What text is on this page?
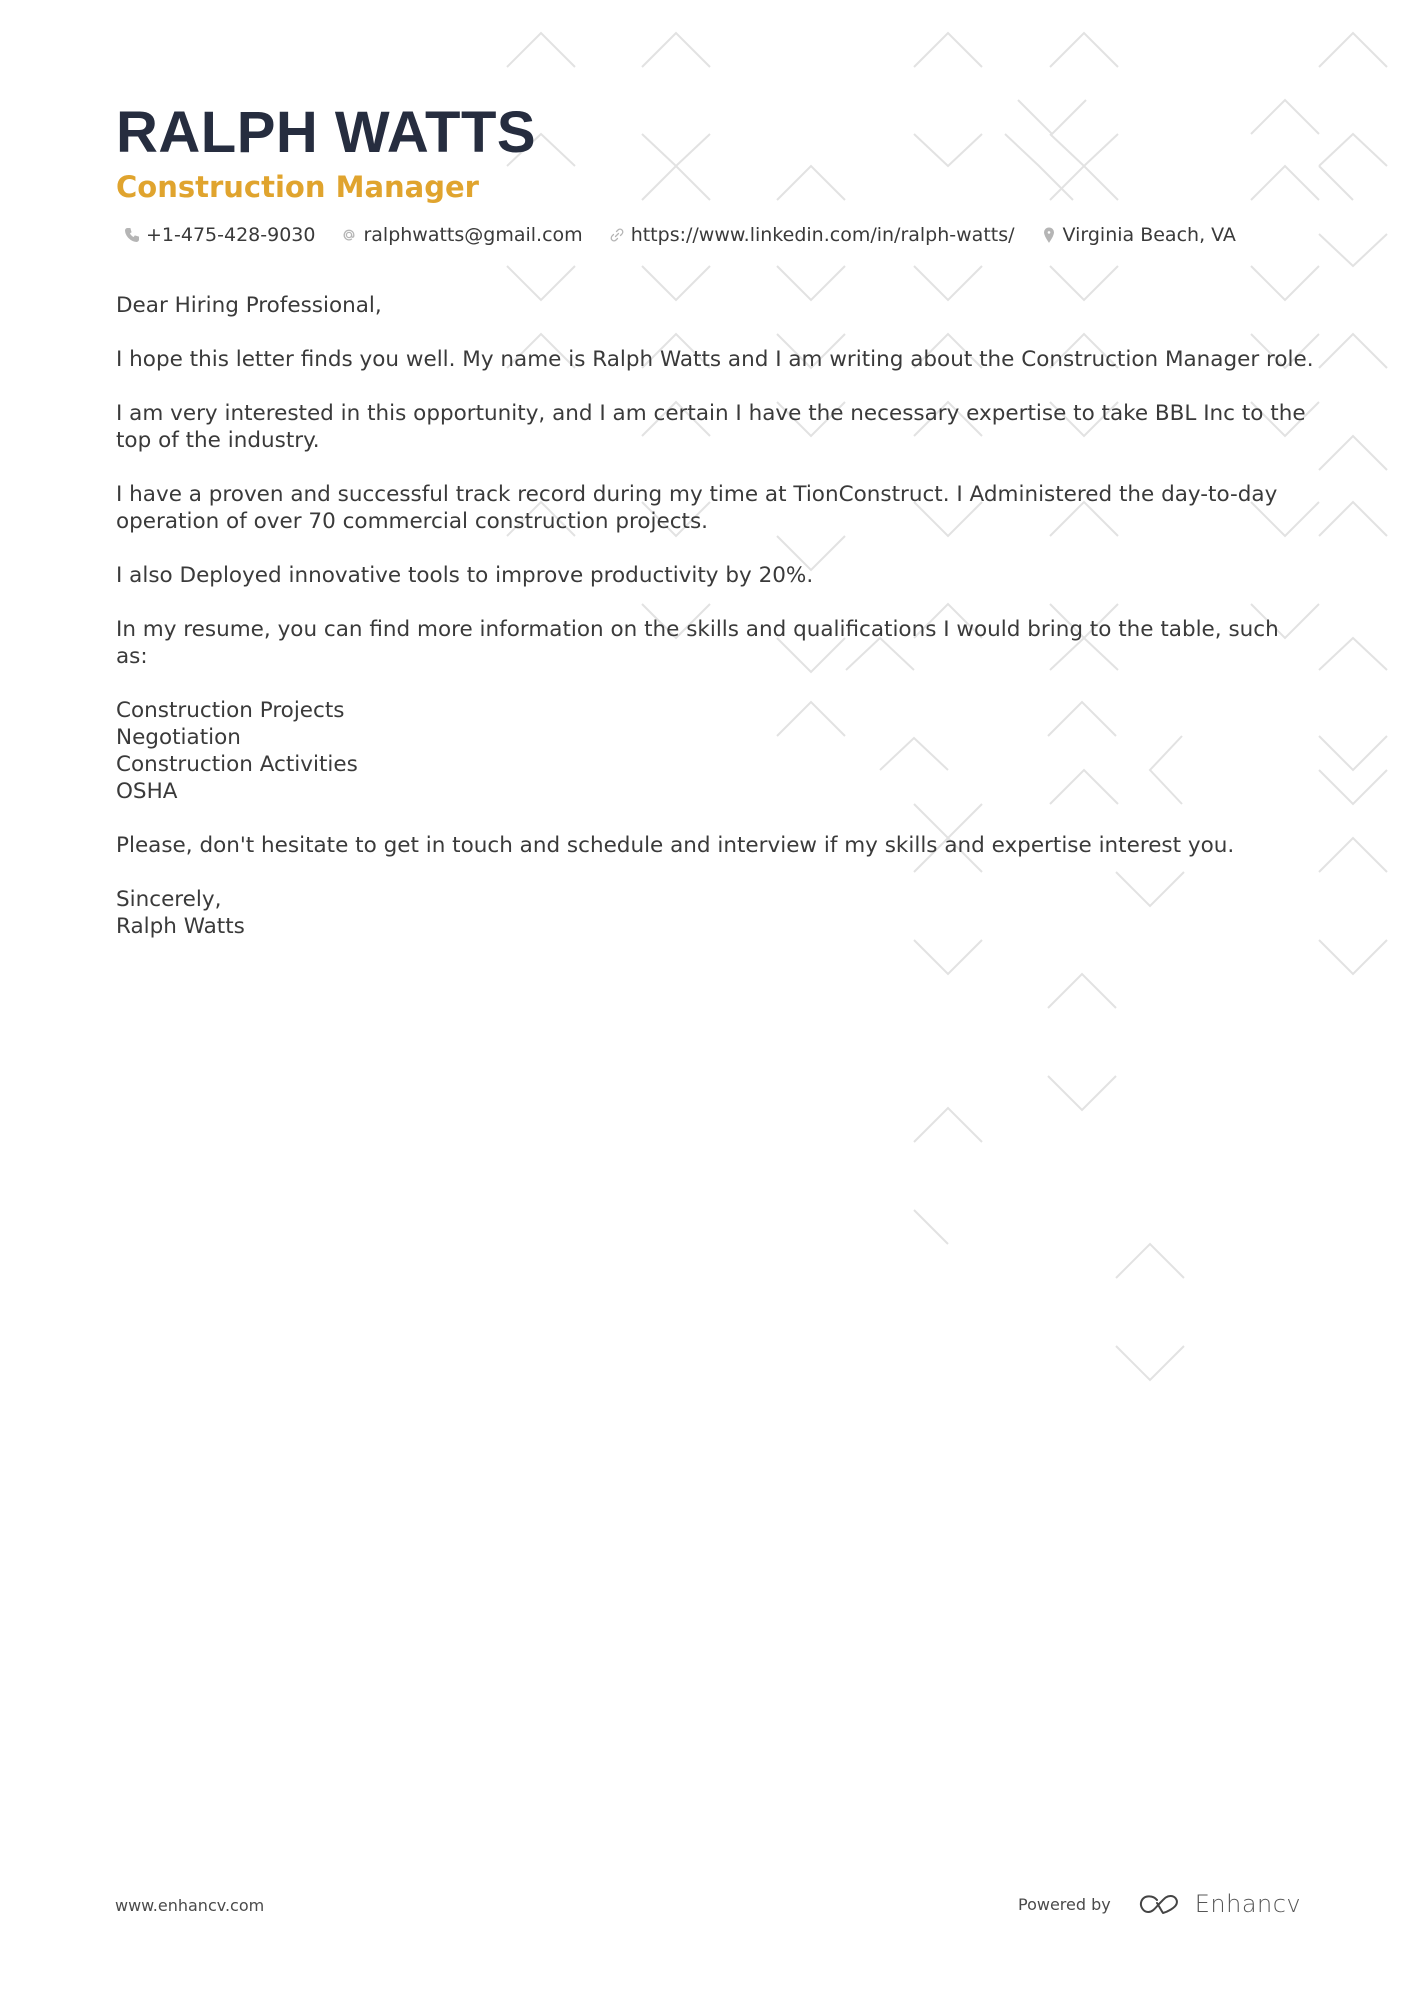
RALPH WATTS
Construction Manager
+1-475-428-9030	ralphwatts@gmail.com	https://www.linkedin.com/in/ralph-watts/	Virginia Beach, VA

Dear Hiring Professional,

I hope this letter finds you well. My name is Ralph Watts and I am writing about the Construction Manager role.

I am very interested in this opportunity, and I am certain I have the necessary expertise to take BBL Inc to the top of the industry.

I have a proven and successful track record during my time at TionConstruct. I Administered the day-to-day operation of over 70 commercial construction projects.

I also Deployed innovative tools to improve productivity by 20%.

In my resume, you can find more information on the skills and qualifications I would bring to the table, such as:

Construction Projects
Negotiation
Construction Activities
OSHA

Please, don't hesitate to get in touch and schedule and interview if my skills and expertise interest you.

Sincerely,
Ralph Watts
www.enhancv.com	Powered by	Enhancv
